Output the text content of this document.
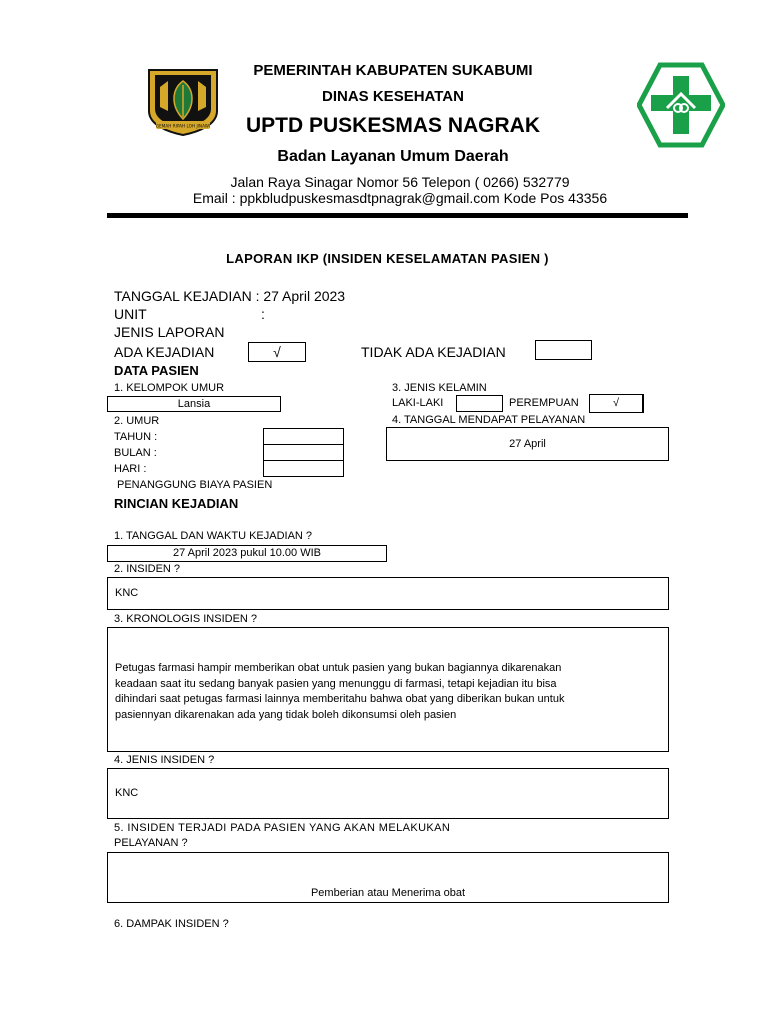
GEMAH RIPAH LOH JINAWI
PEMERINTAH KABUPATEN SUKABUMI
DINAS KESEHATAN
UPTD PUSKESMAS NAGRAK
Badan Layanan Umum Daerah
Jalan Raya Sinagar Nomor 56 Telepon ( 0266) 532779
Email : ppkbludpuskesmasdtpnagrak@gmail.com Kode Pos 43356
LAPORAN IKP (INSIDEN KESELAMATAN PASIEN )
TANGGAL KEJADIAN : 27 April 2023
UNIT	:
JENIS LAPORAN
ADA KEJADIAN	√	TIDAK ADA KEJADIAN
DATA PASIEN
1. KELOMPOK UMUR
Lansia
2. UMUR
TAHUN :
BULAN :
HARI :
PENANGGUNG BIAYA PASIEN
3. JENIS KELAMIN
LAKI-LAKI	PEREMPUAN	√
4. TANGGAL MENDAPAT PELAYANAN
27 April
RINCIAN KEJADIAN
1. TANGGAL DAN WAKTU KEJADIAN ?
27 April 2023 pukul 10.00 WIB
2. INSIDEN ?
KNC
3. KRONOLOGIS INSIDEN ?
Petugas farmasi hampir memberikan obat untuk pasien yang bukan bagiannya dikarenakan
keadaan saat itu sedang banyak pasien yang menunggu di farmasi, tetapi kejadian itu bisa
dihindari saat petugas farmasi lainnya memberitahu bahwa obat yang diberikan bukan untuk
pasiennyan dikarenakan ada yang tidak boleh dikonsumsi oleh pasien
4. JENIS INSIDEN ?
KNC
5. INSIDEN TERJADI PADA PASIEN YANG AKAN MELAKUKAN
PELAYANAN ?
Pemberian atau Menerima obat
6. DAMPAK INSIDEN ?
